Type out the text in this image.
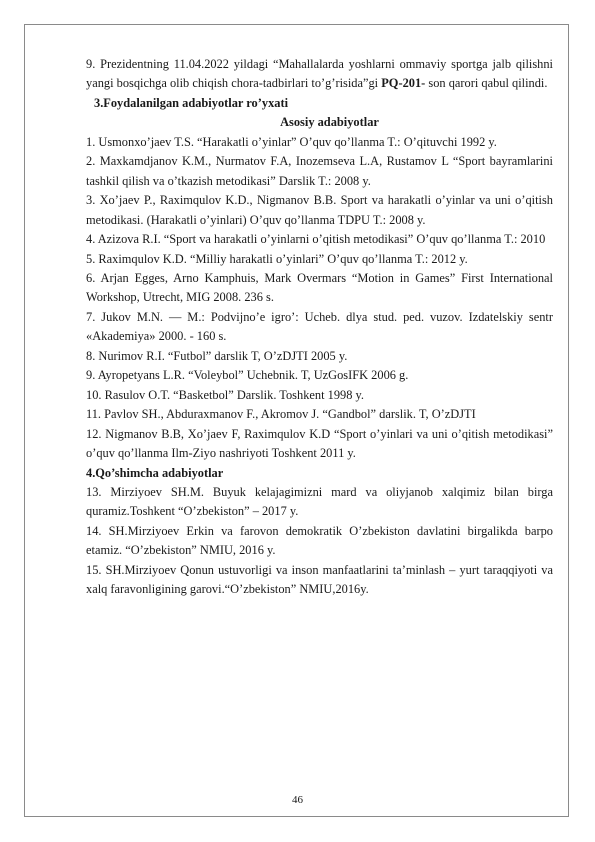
9. Prezidentning 11.04.2022 yildagi “Mahallalarda yoshlarni ommaviy sportga jalb qilishni yangi bosqichga olib chiqish chora-tadbirlari to’g’risida”gi PQ-201- son qarori qabul qilindi.

3.Foydalanilgan adabiyotlar ro’yxati

Asosiy adabiyotlar

1. Usmonxo’jaev T.S. “Harakatli o’yinlar” O’quv qo’llanma T.: O’qituvchi 1992 y.

2. Maxkamdjanov K.M., Nurmatov F.A, Inozemseva L.A, Rustamov L “Sport bayramlarini tashkil qilish va o’tkazish metodikasi” Darslik T.: 2008 y.

3. Xo’jaev P., Raximqulov K.D., Nigmanov B.B. Sport va harakatli o’yinlar va uni o’qitish metodikasi. (Harakatli o’yinlari) O’quv qo’llanma TDPU T.: 2008 y.

4. Azizova R.I. “Sport va harakatli o’yinlarni o’qitish metodikasi” O’quv qo’llanma T.: 2010

5. Raximqulov K.D. “Milliy harakatli o’yinlari” O’quv qo’llanma T.: 2012 y.

6. Arjan Egges, Arno Kamphuis, Mark Overmars “Motion in Games” First International Workshop, Utrecht, MIG 2008. 236 s.

7. Jukov M.N. — M.: Podvijno’e igro’: Ucheb. dlya stud. ped. vuzov. Izdatelskiy sentr «Akademiya» 2000. - 160 s.

8. Nurimov R.I. “Futbol” darslik T, O’zDJTI 2005 y.

9. Ayropetyans L.R. “Voleybol” Uchebnik. T, UzGosIFK 2006 g.

10. Rasulov O.T. “Basketbol” Darslik. Toshkent 1998 y.

11. Pavlov SH., Abduraxmanov F., Akromov J. “Gandbol” darslik. T, O’zDJTI

12. Nigmanov B.B, Xo’jaev F, Raximqulov K.D “Sport o’yinlari va uni o’qitish metodikasi” o’quv qo’llanma Ilm-Ziyo nashriyoti Toshkent 2011 y.

4.Qo’shimcha adabiyotlar

13. Mirziyoev SH.M. Buyuk kelajagimizni mard va oliyjanob xalqimiz bilan birga quramiz.Toshkent “O’zbekiston” – 2017 y.

14. SH.Mirziyoev Erkin va farovon demokratik O’zbekiston davlatini birgalikda barpo etamiz. “O’zbekiston” NMIU, 2016 y.

15. SH.Mirziyoev Qonun ustuvorligi va inson manfaatlarini ta’minlash – yurt taraqqiyoti va xalq faravonligining garovi.“O’zbekiston” NMIU,2016y.

46
